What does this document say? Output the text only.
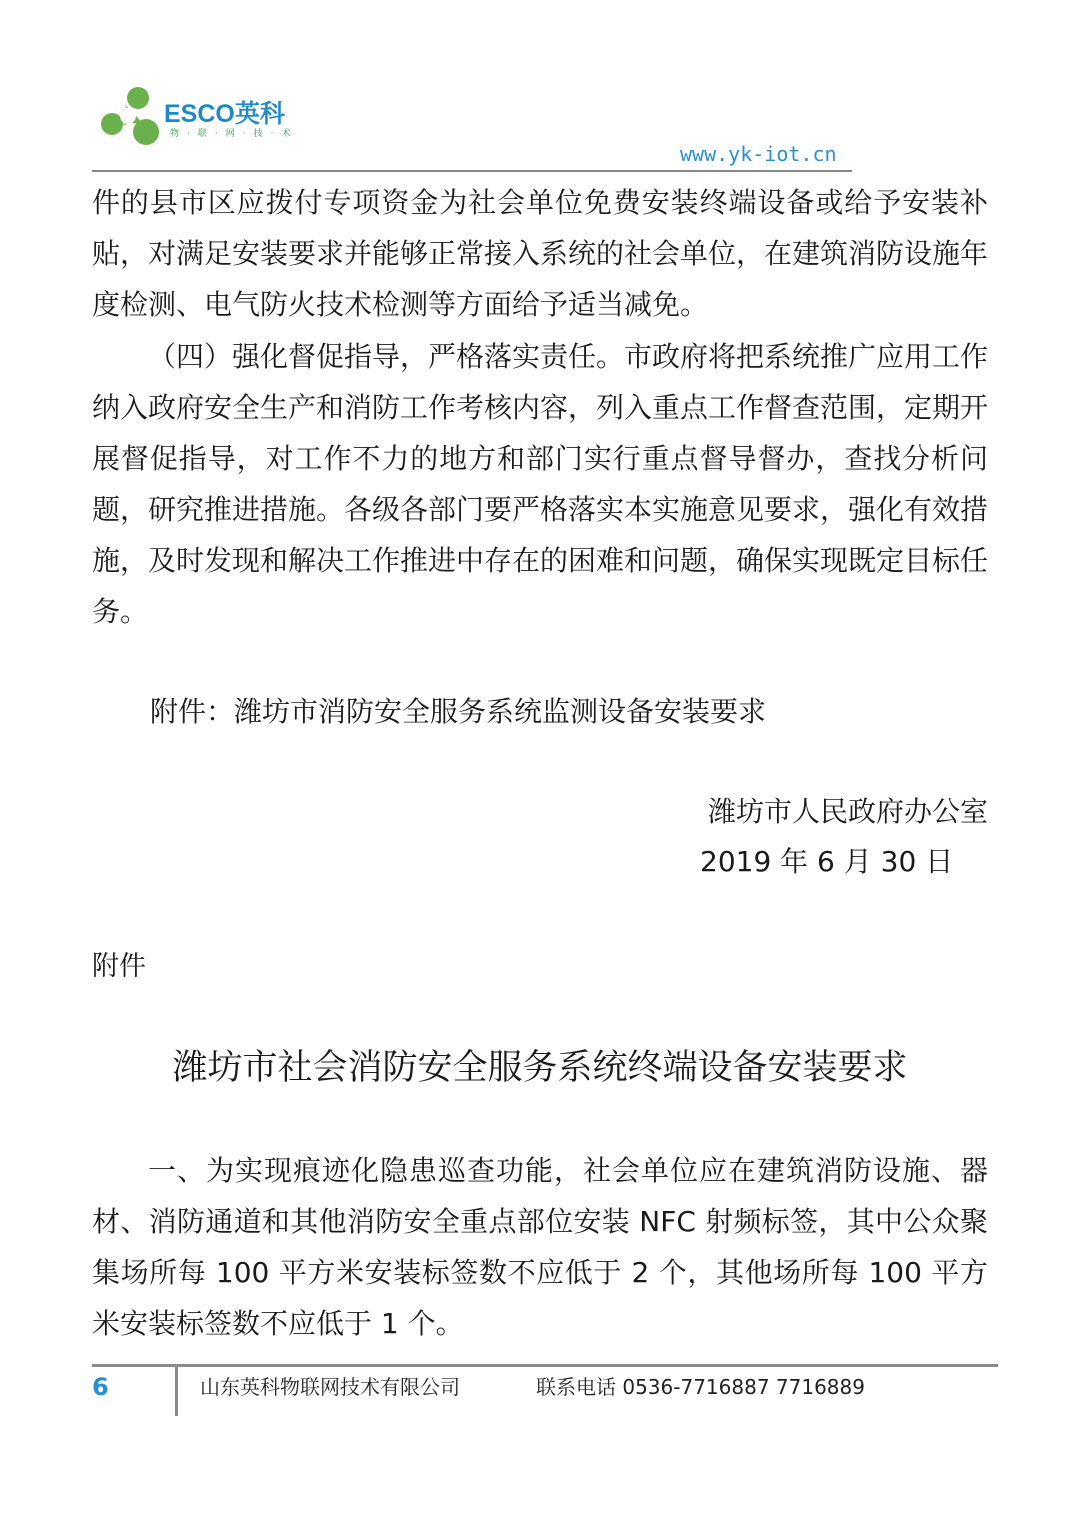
ESCO英科
物·联·网·技·术
www.yk-iot.cn

件的县市区应拨付专项资金为社会单位免费安装终端设备或给予安装补贴，对满足安装要求并能够正常接入系统的社会单位，在建筑消防设施年度检测、电气防火技术检测等方面给予适当减免。

（四）强化督促指导，严格落实责任。市政府将把系统推广应用工作纳入政府安全生产和消防工作考核内容，列入重点工作督查范围，定期开展督促指导，对工作不力的地方和部门实行重点督导督办，查找分析问题，研究推进措施。各级各部门要严格落实本实施意见要求，强化有效措施，及时发现和解决工作推进中存在的困难和问题，确保实现既定目标任务。

附件：潍坊市消防安全服务系统监测设备安装要求

潍坊市人民政府办公室

2019 年 6 月 30 日

附件

潍坊市社会消防安全服务系统终端设备安装要求

一、为实现痕迹化隐患巡查功能，社会单位应在建筑消防设施、器材、消防通道和其他消防安全重点部位安装 NFC 射频标签，其中公众聚集场所每 100 平方米安装标签数不应低于 2 个，其他场所每 100 平方米安装标签数不应低于 1 个。

6	山东英科物联网技术有限公司	联系电话 0536-7716887 7716889
